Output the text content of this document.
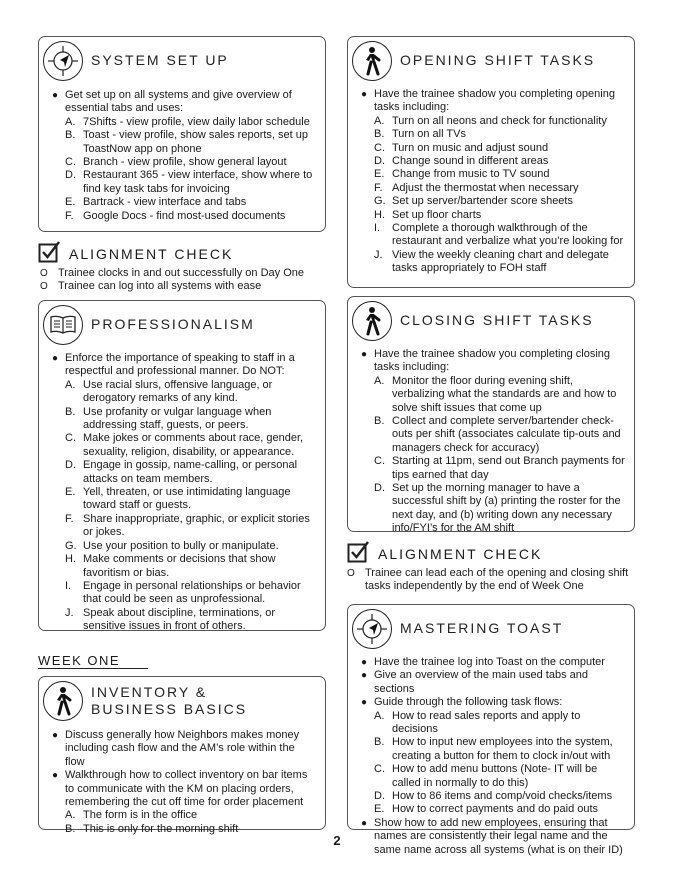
SYSTEM SET UP
● Get set up on all systems and give overview of essential tabs and uses:
A. 7Shifts - view profile, view daily labor schedule
B. Toast - view profile, show sales reports, set up ToastNow app on phone
C. Branch - view profile, show general layout
D. Restaurant 365 - view interface, show where to find key task tabs for invoicing
E. Bartrack - view interface and tabs
F. Google Docs - find most-used documents
ALIGNMENT CHECK
O Trainee clocks in and out successfully on Day One
O Trainee can log into all systems with ease
PROFESSIONALISM
● Enforce the importance of speaking to staff in a respectful and professional manner. Do NOT:
A. Use racial slurs, offensive language, or derogatory remarks of any kind.
B. Use profanity or vulgar language when addressing staff, guests, or peers.
C. Make jokes or comments about race, gender, sexuality, religion, disability, or appearance.
D. Engage in gossip, name-calling, or personal attacks on team members.
E. Yell, threaten, or use intimidating language toward staff or guests.
F. Share inappropriate, graphic, or explicit stories or jokes.
G. Use your position to bully or manipulate.
H. Make comments or decisions that show favoritism or bias.
I.	Engage in personal relationships or behavior that could be seen as unprofessional.
J. Speak about discipline, terminations, or sensitive issues in front of others.
WEEK ONE
INVENTORY & BUSINESS BASICS
● Discuss generally how Neighbors makes money including cash flow and the AM’s role within the flow
● Walkthrough how to collect inventory on bar items to communicate with the KM on placing orders, remembering the cut off time for order placement
A. The form is in the office
B. This is only for the morning shift
OPENING SHIFT TASKS
● Have the trainee shadow you completing opening tasks including:
A. Turn on all neons and check for functionality
B. Turn on all TVs
C. Turn on music and adjust sound
D. Change sound in different areas
E. Change from music to TV sound
F. Adjust the thermostat when necessary
G. Set up server/bartender score sheets
H. Set up floor charts
I.	Complete a thorough walkthrough of the restaurant and verbalize what you’re looking for
J. View the weekly cleaning chart and delegate tasks appropriately to FOH staff
CLOSING SHIFT TASKS
● Have the trainee shadow you completing closing tasks including:
A. Monitor the floor during evening shift, verbalizing what the standards are and how to solve shift issues that come up
B. Collect and complete server/bartender check-outs per shift (associates calculate tip-outs and managers check for accuracy)
C. Starting at 11pm, send out Branch payments for tips earned that day
D. Set up the morning manager to have a successful shift by (a) printing the roster for the next day, and (b) writing down any necessary info/FYI’s for the AM shift
ALIGNMENT CHECK
O Trainee can lead each of the opening and closing shift tasks independently by the end of Week One
MASTERING TOAST
● Have the trainee log into Toast on the computer
● Give an overview of the main used tabs and sections
● Guide through the following task flows:
A. How to read sales reports and apply to decisions
B. How to input new employees into the system, creating a button for them to clock in/out with
C. How to add menu buttons (Note- IT will be called in normally to do this)
D. How to 86 items and comp/void checks/items
E. How to correct payments and do paid outs
● Show how to add new employees, ensuring that names are consistently their legal name and the same name across all systems (what is on their ID)
2
